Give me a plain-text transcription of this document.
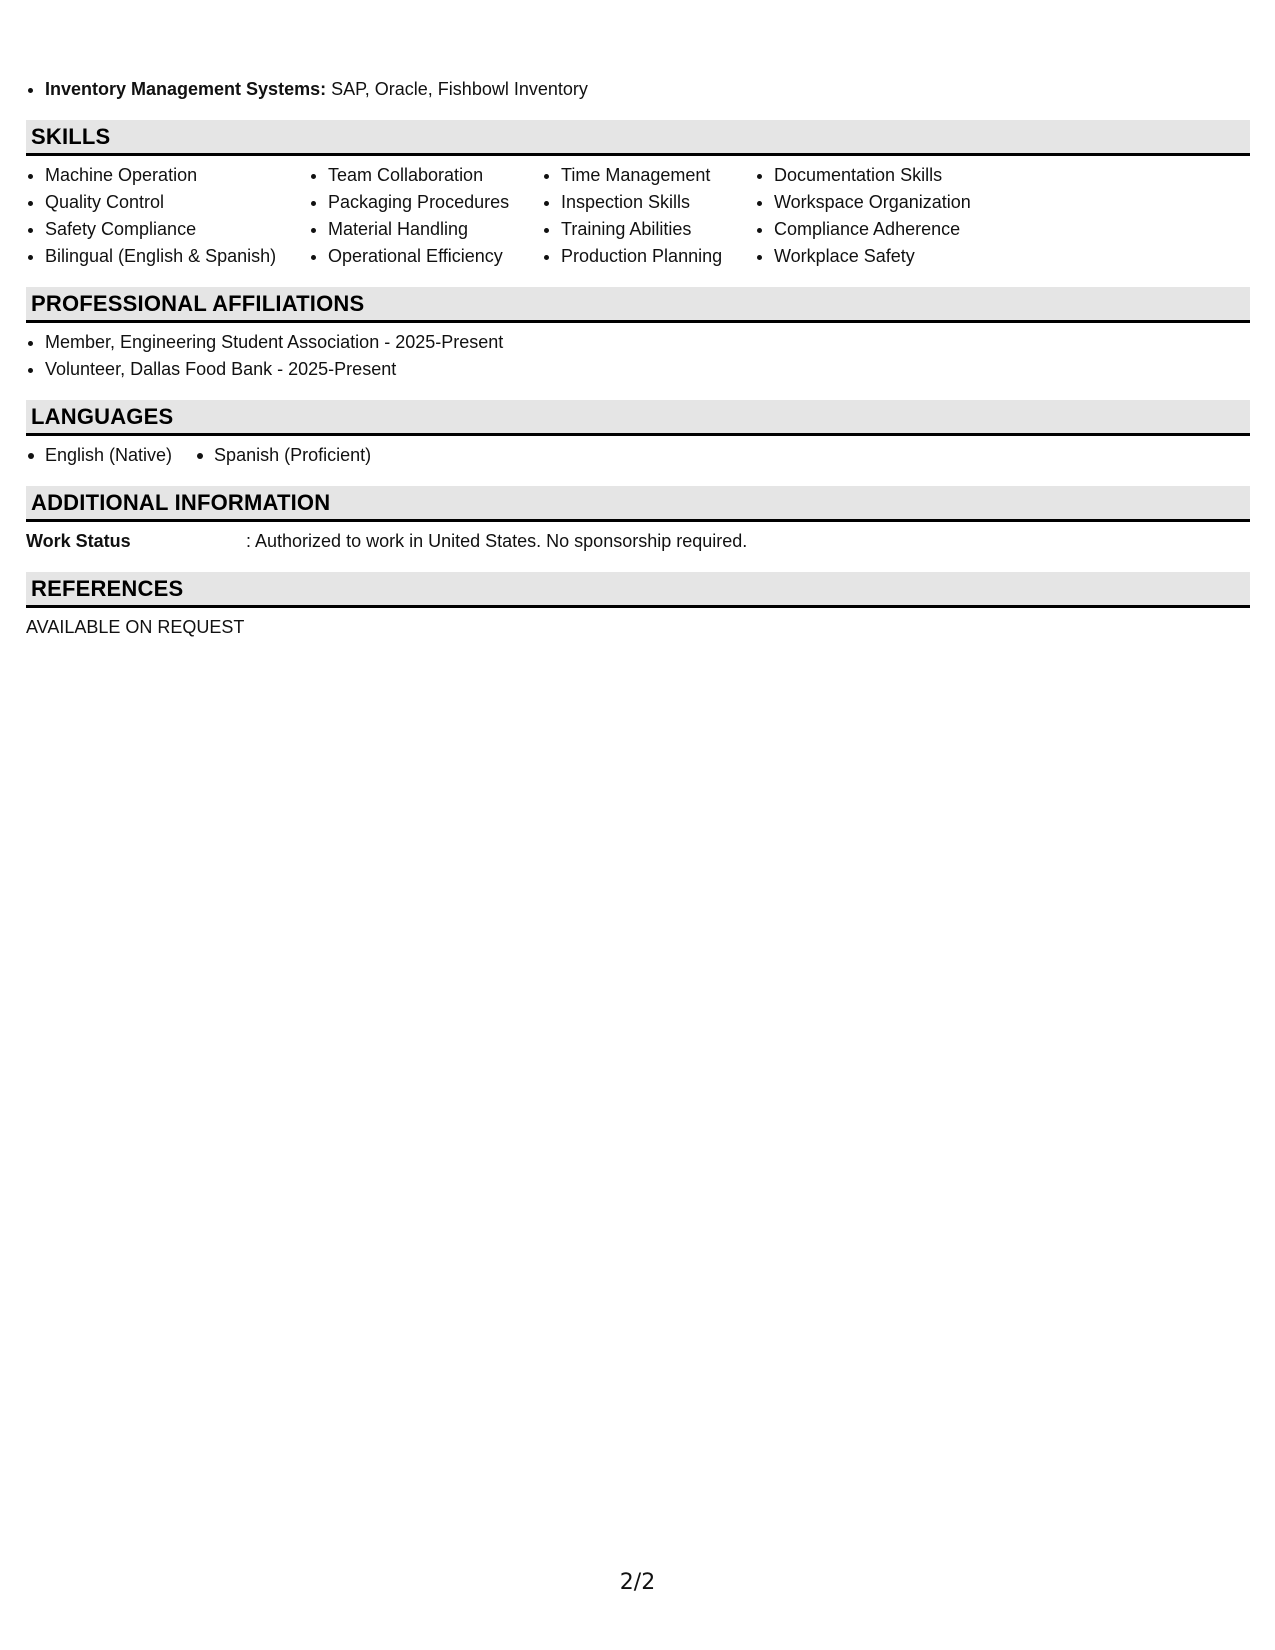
• Inventory Management Systems: SAP, Oracle, Fishbowl Inventory
SKILLS
• Machine Operation
• Quality Control
• Safety Compliance
• Bilingual (English & Spanish)
• Team Collaboration
• Packaging Procedures
• Material Handling
• Operational Efficiency
• Time Management
• Inspection Skills
• Training Abilities
• Production Planning
• Documentation Skills
• Workspace Organization
• Compliance Adherence
• Workplace Safety
PROFESSIONAL AFFILIATIONS
• Member, Engineering Student Association - 2025-Present
• Volunteer, Dallas Food Bank - 2025-Present
LANGUAGES
English (Native)	Spanish (Proficient)
ADDITIONAL INFORMATION
Work Status	: Authorized to work in United States. No sponsorship required.
REFERENCES
AVAILABLE ON REQUEST
2/2
